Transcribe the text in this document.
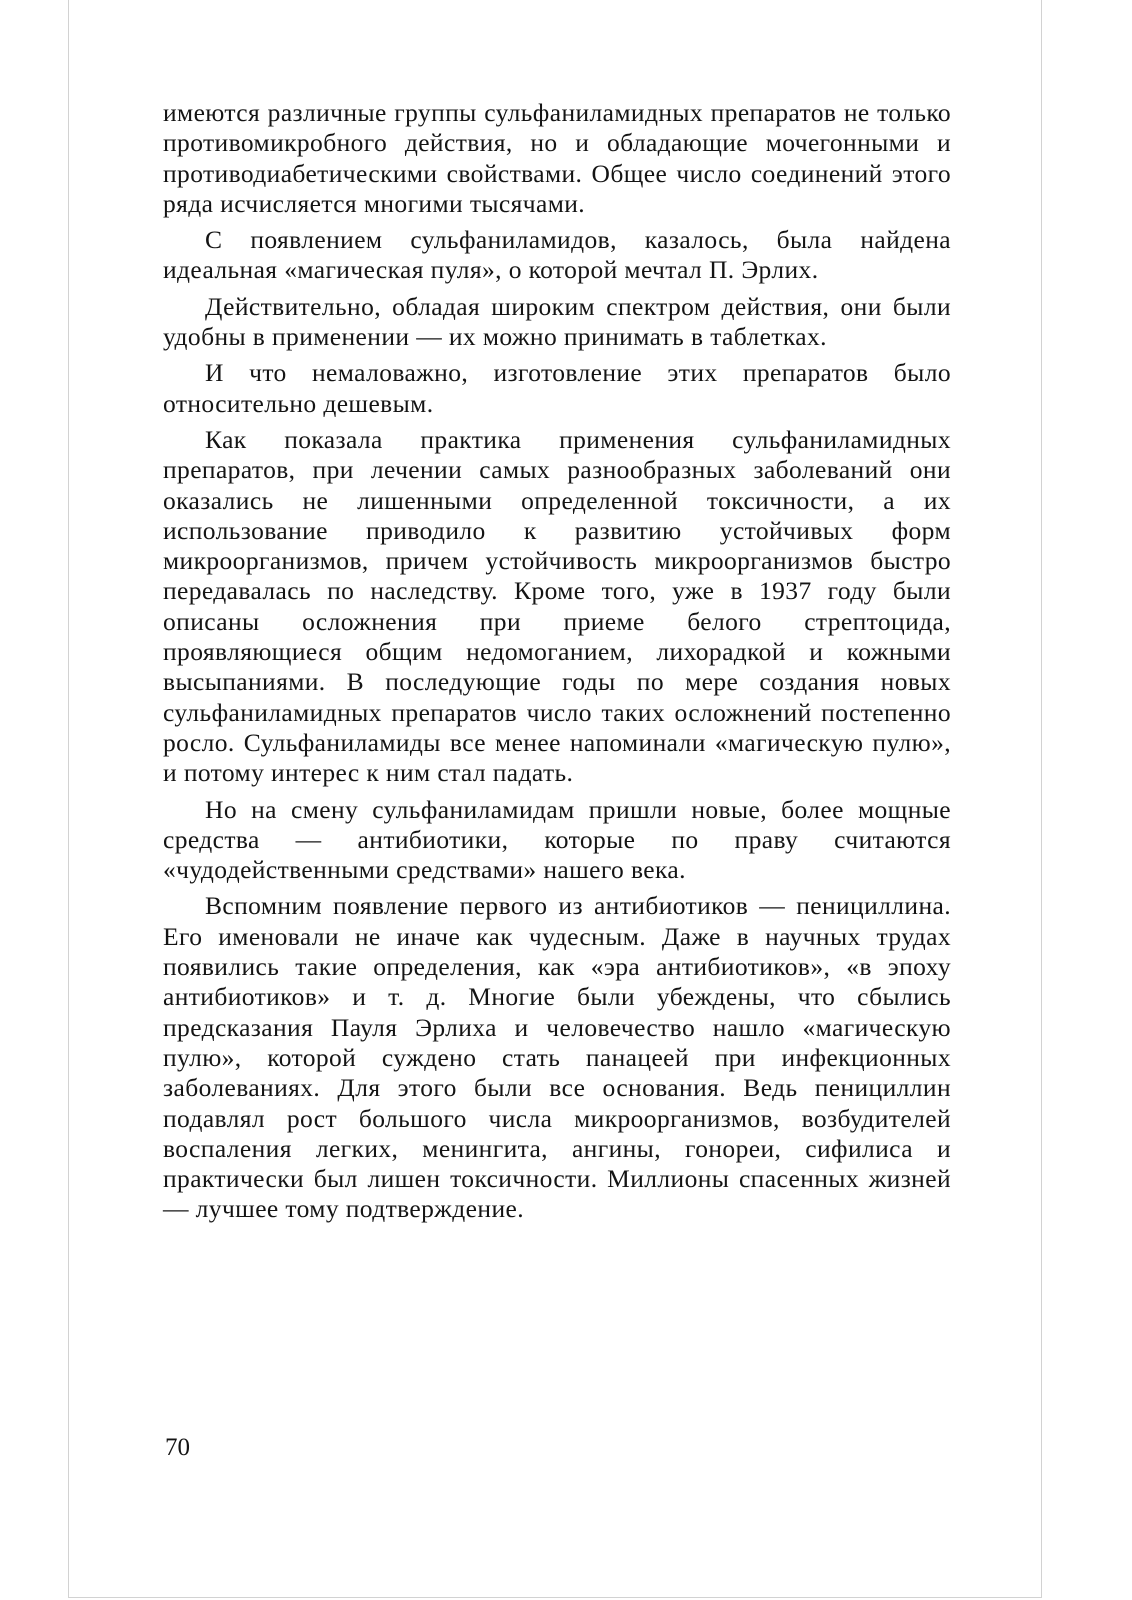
имеются различные группы сульфаниламидных препаратов не только противомикробного действия, но и обладающие мочегонными и противодиабетическими свойствами. Общее число соединений этого ряда исчисляется многими тысячами.

С появлением сульфаниламидов, казалось, была найдена идеальная «магическая пуля», о которой мечтал П. Эрлих.

Действительно, обладая широким спектром действия, они были удобны в применении — их можно принимать в таблетках.

И что немаловажно, изготовление этих препаратов было относительно дешевым.

Как показала практика применения сульфаниламидных препаратов, при лечении самых разнообразных заболеваний они оказались не лишенными определенной токсичности, а их использование приводило к развитию устойчивых форм микроорганизмов, причем устойчивость микроорганизмов быстро передавалась по наследству. Кроме того, уже в 1937 году были описаны осложнения при приеме белого стрептоцида, проявляющиеся общим недомоганием, лихорадкой и кожными высыпаниями. В последующие годы по мере создания новых сульфаниламидных препаратов число таких осложнений постепенно росло. Сульфаниламиды все менее напоминали «магическую пулю», и потому интерес к ним стал падать.

Но на смену сульфаниламидам пришли новые, более мощные средства — антибиотики, которые по праву считаются «чудодейственными средствами» нашего века.

Вспомним появление первого из антибиотиков — пенициллина. Его именовали не иначе как чудесным. Даже в научных трудах появились такие определения, как «эра антибиотиков», «в эпоху антибиотиков» и т. д. Многие были убеждены, что сбылись предсказания Пауля Эрлиха и человечество нашло «магическую пулю», которой суждено стать панацеей при инфекционных заболеваниях. Для этого были все основания. Ведь пенициллин подавлял рост большого числа микроорганизмов, возбудителей воспаления легких, менингита, ангины, гонореи, сифилиса и практически был лишен токсичности. Миллионы спасенных жизней — лучшее тому подтверждение.

70
